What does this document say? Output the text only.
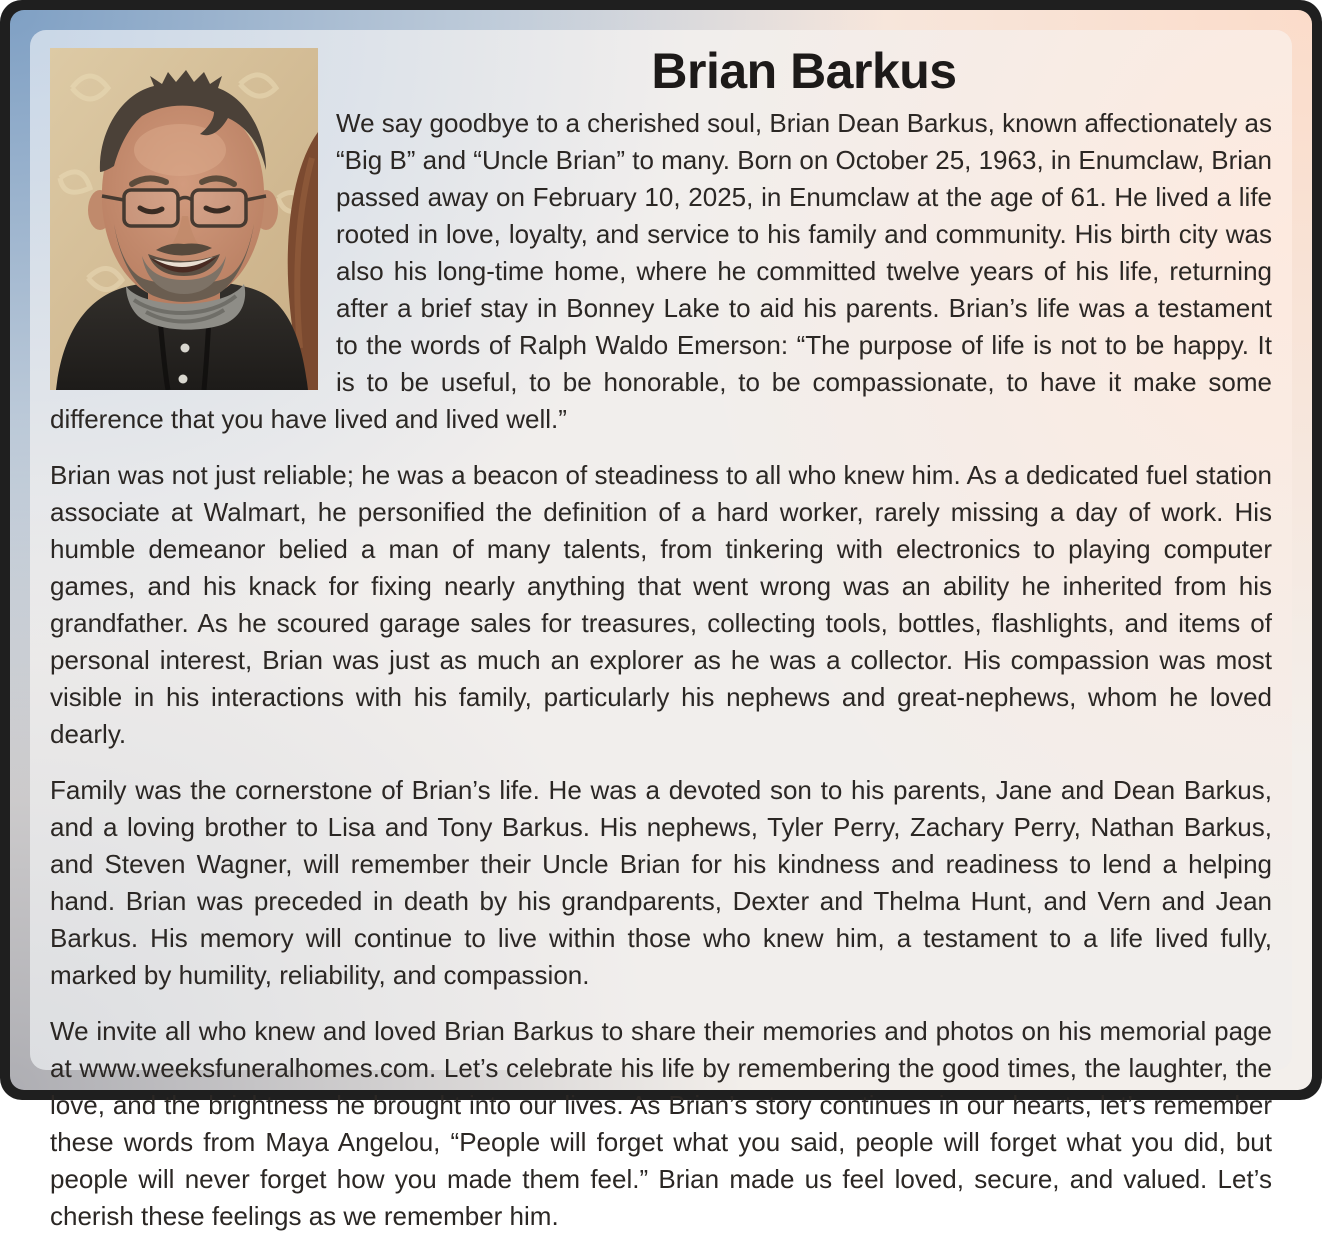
Brian Barkus

We say goodbye to a cherished soul, Brian Dean Barkus, known affectionately as “Big B” and “Uncle Brian” to many. Born on October 25, 1963, in Enumclaw, Brian passed away on February 10, 2025, in Enumclaw at the age of 61. He lived a life rooted in love, loyalty, and service to his family and community. His birth city was also his long-time home, where he committed twelve years of his life, returning after a brief stay in Bonney Lake to aid his parents. Brian’s life was a testament to the words of Ralph Waldo Emerson: “The purpose of life is not to be happy. It is to be useful, to be honorable, to be compassionate, to have it make some difference that you have lived and lived well.”

Brian was not just reliable; he was a beacon of steadiness to all who knew him. As a dedicated fuel station associate at Walmart, he personified the definition of a hard worker, rarely missing a day of work. His humble demeanor belied a man of many talents, from tinkering with electronics to playing computer games, and his knack for fixing nearly anything that went wrong was an ability he inherited from his grandfather. As he scoured garage sales for treasures, collecting tools, bottles, flashlights, and items of personal interest, Brian was just as much an explorer as he was a collector. His compassion was most visible in his interactions with his family, particularly his nephews and great-nephews, whom he loved dearly.

Family was the cornerstone of Brian’s life. He was a devoted son to his parents, Jane and Dean Barkus, and a loving brother to Lisa and Tony Barkus. His nephews, Tyler Perry, Zachary Perry, Nathan Barkus, and Steven Wagner, will remember their Uncle Brian for his kindness and readiness to lend a helping hand. Brian was preceded in death by his grandparents, Dexter and Thelma Hunt, and Vern and Jean Barkus. His memory will continue to live within those who knew him, a testament to a life lived fully, marked by humility, reliability, and compassion.

We invite all who knew and loved Brian Barkus to share their memories and photos on his memorial page at www.weeksfuneralhomes.com. Let’s celebrate his life by remembering the good times, the laughter, the love, and the brightness he brought into our lives. As Brian’s story continues in our hearts, let’s remember these words from Maya Angelou, “People will forget what you said, people will forget what you did, but people will never forget how you made them feel.” Brian made us feel loved, secure, and valued. Let’s cherish these feelings as we remember him.
